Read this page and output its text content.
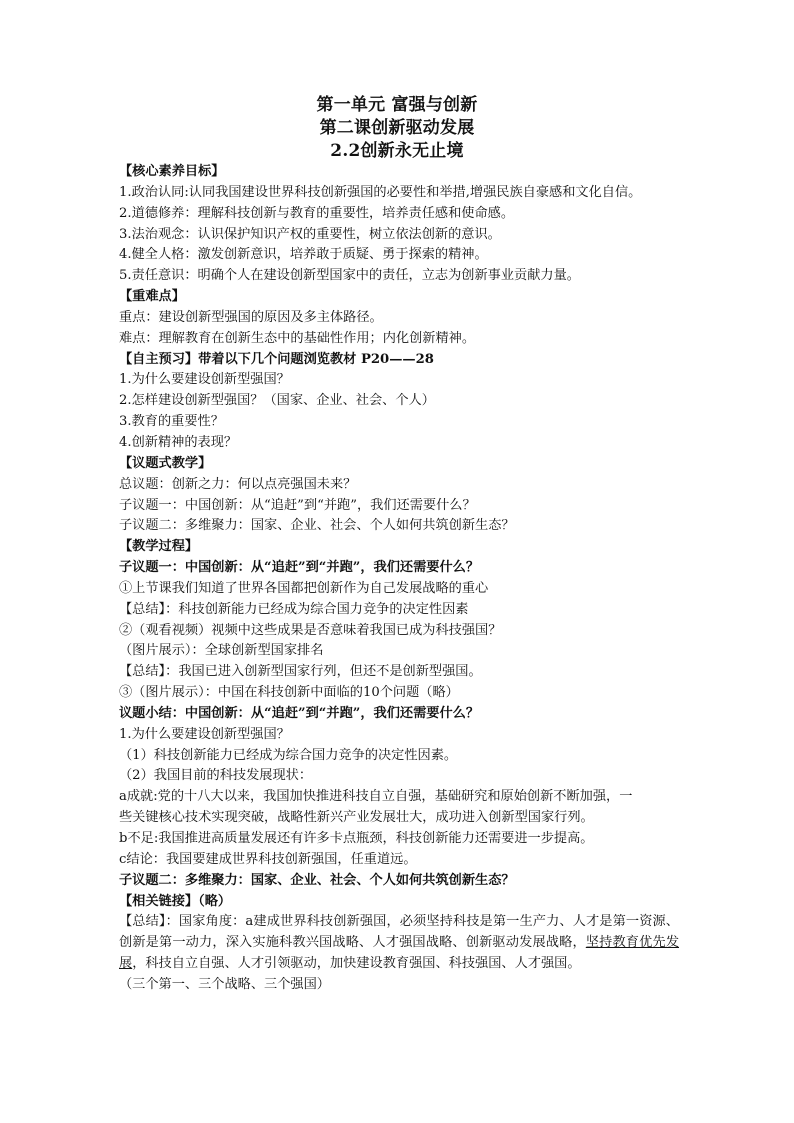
第一单元 富强与创新
第二课创新驱动发展
2.2创新永无止境
【核心素养目标】
1.政治认同:认同我国建设世界科技创新强国的必要性和举措,增强民族自豪感和文化自信。
2.道德修养：理解科技创新与教育的重要性，培养责任感和使命感。
3.法治观念：认识保护知识产权的重要性，树立依法创新的意识。
4.健全人格：激发创新意识，培养敢于质疑、勇于探索的精神。
5.责任意识：明确个人在建设创新型国家中的责任，立志为创新事业贡献力量。
【重难点】
重点：建设创新型强国的原因及多主体路径。
难点：理解教育在创新生态中的基础性作用；内化创新精神。
【自主预习】带着以下几个问题浏览教材 P20——28
1.为什么要建设创新型强国？
2.怎样建设创新型强国？（国家、企业、社会、个人）
3.教育的重要性？
4.创新精神的表现？
【议题式教学】
总议题：创新之力：何以点亮强国未来？
子议题一：中国创新：从“追赶”到“并跑”，我们还需要什么？
子议题二：多维聚力：国家、企业、社会、个人如何共筑创新生态？
【教学过程】
子议题一：中国创新：从“追赶”到“并跑”，我们还需要什么？
①上节课我们知道了世界各国都把创新作为自己发展战略的重心
【总结】：科技创新能力已经成为综合国力竞争的决定性因素
②（观看视频）视频中这些成果是否意味着我国已成为科技强国？
（图片展示）：全球创新型国家排名
【总结】：我国已进入创新型国家行列，但还不是创新型强国。
③（图片展示）：中国在科技创新中面临的10个问题（略）
议题小结：中国创新：从“追赶”到“并跑”，我们还需要什么？
1.为什么要建设创新型强国？
（1）科技创新能力已经成为综合国力竞争的决定性因素。
（2）我国目前的科技发展现状：
a成就:党的十八大以来，我国加快推进科技自立自强，基础研究和原始创新不断加强，一
些关键核心技术实现突破，战略性新兴产业发展壮大，成功进入创新型国家行列。
b不足:我国推进高质量发展还有许多卡点瓶颈，科技创新能力还需要进一步提高。
c结论：我国要建成世界科技创新强国，任重道远。
子议题二：多维聚力：国家、企业、社会、个人如何共筑创新生态？
【相关链接】（略）
【总结】：国家角度：a建成世界科技创新强国，必须坚持科技是第一生产力、人才是第一资源、创新是第一动力，深入实施科教兴国战略、人才强国战略、创新驱动发展战略，坚持教育优先发展，科技自立自强、人才引领驱动，加快建设教育强国、科技强国、人才强国。
（三个第一、三个战略、三个强国）
